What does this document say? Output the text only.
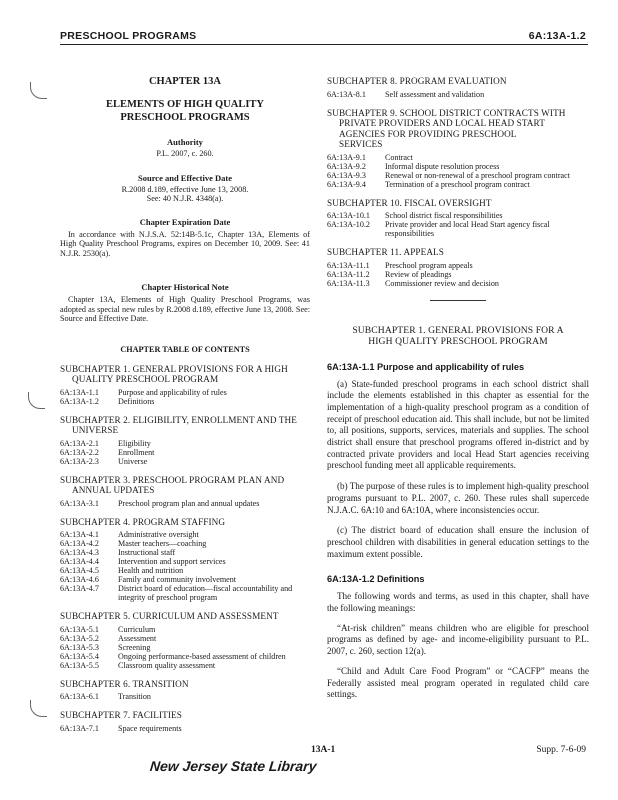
PRESCHOOL PROGRAMS	6A:13A-1.2
CHAPTER 13A
ELEMENTS OF HIGH QUALITY
PRESCHOOL PROGRAMS
Authority
P.L. 2007, c. 260.
Source and Effective Date
R.2008 d.189, effective June 13, 2008.
See: 40 N.J.R. 4348(a).
Chapter Expiration Date
In accordance with N.J.S.A. 52:14B-5.1c, Chapter 13A, Elements of High Quality Preschool Programs, expires on December 10, 2009. See: 41 N.J.R. 2530(a).
Chapter Historical Note
Chapter 13A, Elements of High Quality Preschool Programs, was adopted as special new rules by R.2008 d.189, effective June 13, 2008. See: Source and Effective Date.
CHAPTER TABLE OF CONTENTS
SUBCHAPTER 1. GENERAL PROVISIONS FOR A HIGH
QUALITY PRESCHOOL PROGRAM
6A:13A-1.1	Purpose and applicability of rules
6A:13A-1.2	Definitions
SUBCHAPTER 2. ELIGIBILITY, ENROLLMENT AND THE
UNIVERSE
6A:13A-2.1	Eligibility
6A:13A-2.2	Enrollment
6A:13A-2.3	Universe
SUBCHAPTER 3. PRESCHOOL PROGRAM PLAN AND
ANNUAL UPDATES
6A:13A-3.1	Preschool program plan and annual updates
SUBCHAPTER 4. PROGRAM STAFFING
6A:13A-4.1	Administrative oversight
6A:13A-4.2	Master teachers—coaching
6A:13A-4.3	Instructional staff
6A:13A-4.4	Intervention and support services
6A:13A-4.5	Health and nutrition
6A:13A-4.6	Family and community involvement
6A:13A-4.7	District board of education—fiscal accountability and integrity of preschool program
SUBCHAPTER 5. CURRICULUM AND ASSESSMENT
6A:13A-5.1	Curriculum
6A:13A-5.2	Assessment
6A:13A-5.3	Screening
6A:13A-5.4	Ongoing performance-based assessment of children
6A:13A-5.5	Classroom quality assessment
SUBCHAPTER 6. TRANSITION
6A:13A-6.1	Transition
SUBCHAPTER 7. FACILITIES
6A:13A-7.1	Space requirements
SUBCHAPTER 8. PROGRAM EVALUATION
6A:13A-8.1	Self assessment and validation
SUBCHAPTER 9. SCHOOL DISTRICT CONTRACTS WITH
PRIVATE PROVIDERS AND LOCAL HEAD START
AGENCIES FOR PROVIDING PRESCHOOL
SERVICES
6A:13A-9.1	Contract
6A:13A-9.2	Informal dispute resolution process
6A:13A-9.3	Renewal or non-renewal of a preschool program contract
6A:13A-9.4	Termination of a preschool program contract
SUBCHAPTER 10. FISCAL OVERSIGHT
6A:13A-10.1	School district fiscal responsibilities
6A:13A-10.2	Private provider and local Head Start agency fiscal responsibilities
SUBCHAPTER 11. APPEALS
6A:13A-11.1	Preschool program appeals
6A:13A-11.2	Review of pleadings
6A:13A-11.3	Commissioner review and decision
SUBCHAPTER 1. GENERAL PROVISIONS FOR A
HIGH QUALITY PRESCHOOL PROGRAM
6A:13A-1.1 Purpose and applicability of rules
(a) State-funded preschool programs in each school district shall include the elements established in this chapter as essential for the implementation of a high-quality preschool program as a condition of receipt of preschool education aid. This shall include, but not be limited to, all positions, supports, services, materials and supplies. The school district shall ensure that preschool programs offered in-district and by contracted private providers and local Head Start agencies receiving preschool funding meet all applicable requirements.
(b) The purpose of these rules is to implement high-quality preschool programs pursuant to P.L. 2007, c. 260. These rules shall supercede N.J.A.C. 6A:10 and 6A:10A, where inconsistencies occur.
(c) The district board of education shall ensure the inclusion of preschool children with disabilities in general education settings to the maximum extent possible.
6A:13A-1.2 Definitions
The following words and terms, as used in this chapter, shall have the following meanings:
“At-risk children” means children who are eligible for preschool programs as defined by age- and income-eligibility pursuant to P.L. 2007, c. 260, section 12(a).
“Child and Adult Care Food Program” or “CACFP” means the Federally assisted meal program operated in regulated child care settings.
New Jersey State Library
13A-1	Supp. 7-6-09
